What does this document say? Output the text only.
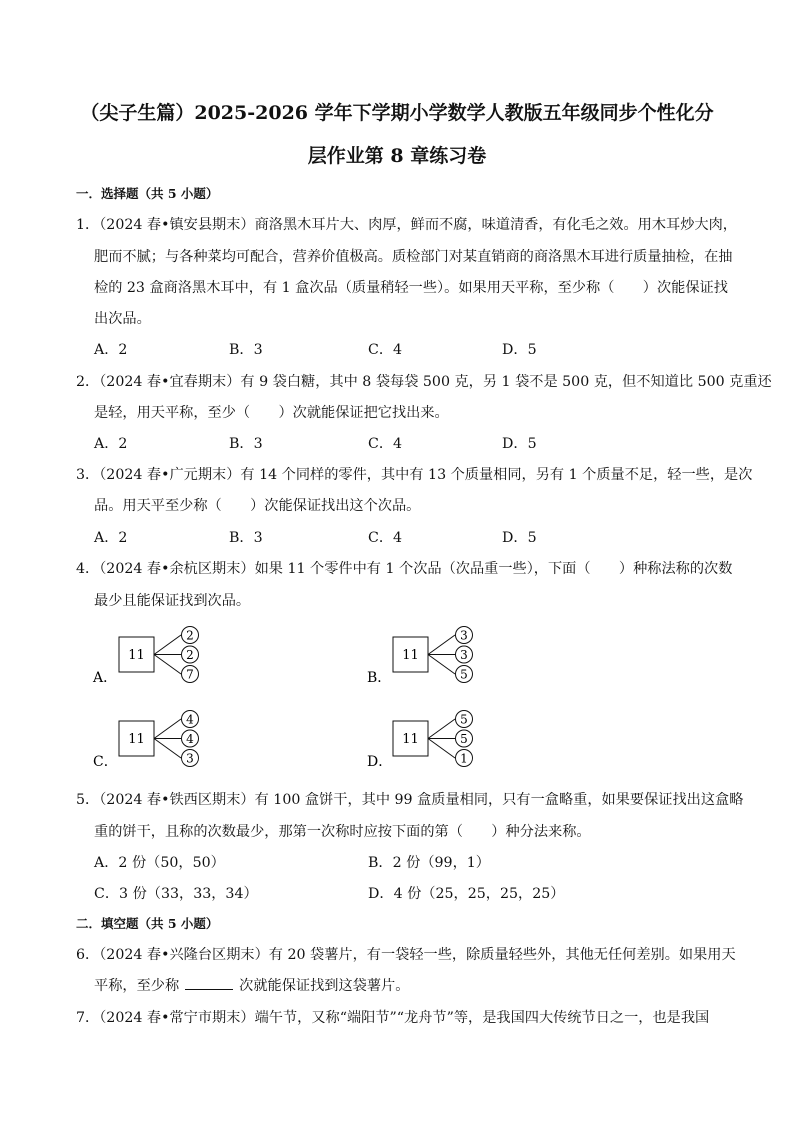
（尖子生篇）2025-2026 学年下学期小学数学人教版五年级同步个性化分
层作业第 8 章练习卷
一．选择题（共 5 小题）
1．（2024 春•镇安县期末）商洛黑木耳片大、肉厚，鲜而不腐，味道清香，有化毛之效。用木耳炒大肉，
肥而不腻；与各种菜均可配合，营养价值极高。质检部门对某直销商的商洛黑木耳进行质量抽检，在抽
检的 23 盒商洛黑木耳中，有 1 盒次品（质量稍轻一些）。如果用天平称，至少称（　　）次能保证找
出次品。
A．2	B．3	C．4	D．5
2．（2024 春•宜春期末）有 9 袋白糖，其中 8 袋每袋 500 克，另 1 袋不是 500 克，但不知道比 500 克重还
是轻，用天平称，至少（　　）次就能保证把它找出来。
A．2	B．3	C．4	D．5
3．（2024 春•广元期末）有 14 个同样的零件，其中有 13 个质量相同，另有 1 个质量不足，轻一些，是次
品。用天平至少称（　　）次能保证找出这个次品。
A．2	B．3	C．4	D．5
4．（2024 春•余杭区期末）如果 11 个零件中有 1 个次品（次品重一些），下面（　　）种称法称的次数
最少且能保证找到次品。
A．
11
2
2
7	B．
11
3
3
5
C．
11
4
4
3	D．
11
5
5
1
5．（2024 春•铁西区期末）有 100 盒饼干，其中 99 盒质量相同，只有一盒略重，如果要保证找出这盒略
重的饼干，且称的次数最少，那第一次称时应按下面的第（　　）种分法来称。
A．2 份（50，50）	B．2 份（99，1）
C．3 份（33，33，34）	D．4 份（25，25，25，25）
二．填空题（共 5 小题）
6．（2024 春•兴隆台区期末）有 20 袋薯片，有一袋轻一些，除质量轻些外，其他无任何差别。如果用天
平称，至少称	次就能保证找到这袋薯片。
7．（2024 春•常宁市期末）端午节，又称“端阳节”“龙舟节”等，是我国四大传统节日之一，也是我国
